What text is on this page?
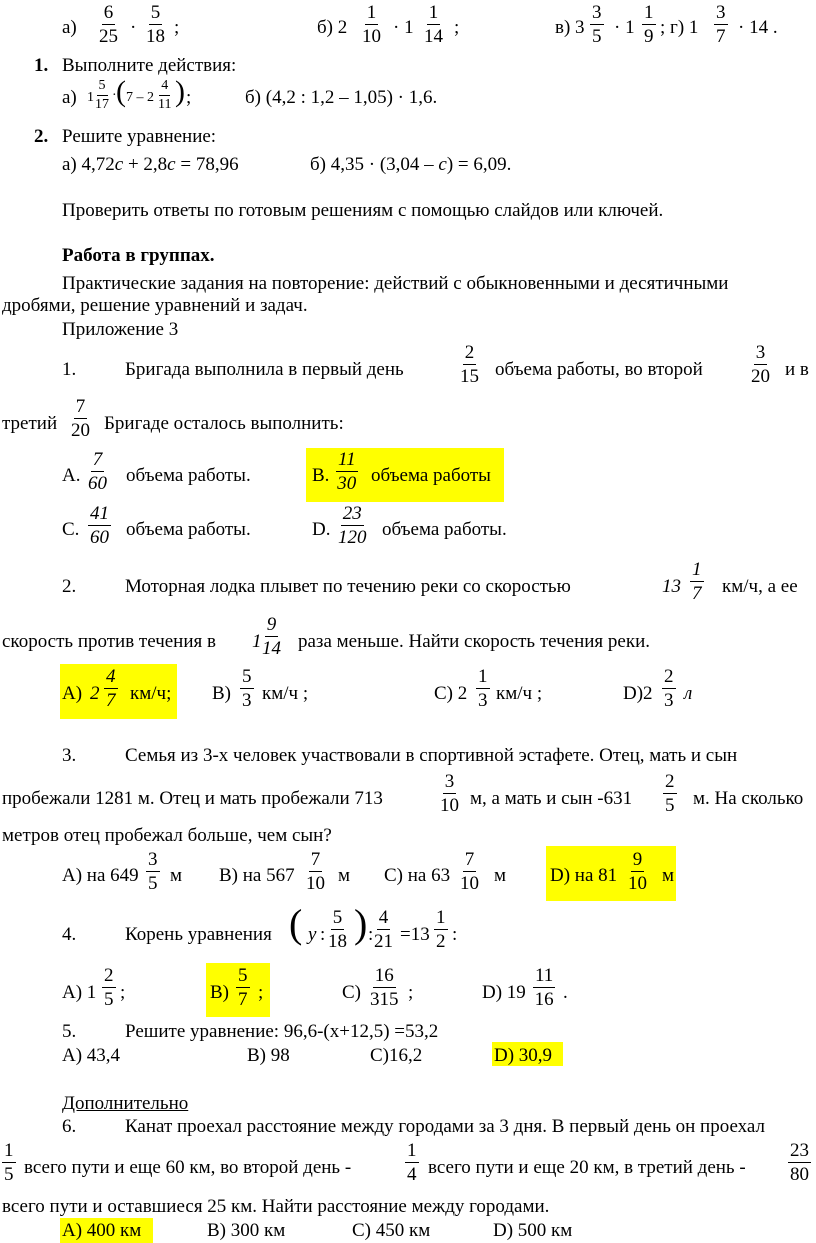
а)
6
25 ·
5
18 ;	б) 2
1
10 · 1
1
14 ;	в) 3
3
5 · 1
1
9 ; г) 1
3
7 · 14 .
1. Выполните действия:
а) 1
5
17
· ( 7 – 2
4
11 ) ;	б) (4,2 : 1,2 – 1,05) · 1,6.
2. Решите уравнение:
а) 4,72c + 2,8c = 78,96	б) 4,35 · (3,04 – c) = 6,09.
Проверить ответы по готовым решениям с помощью слайдов или ключей.
Работа в группах.
Практические задания на повторение: действий с обыкновенными и десятичными
дробями, решение уравнений и задач.
Приложение 3
1.	Бригада выполнила в первый день
2
15 объема работы, во второй
3
20 и в
третий
7
20 Бригаде осталось выполнить:
A.
7
60 объема работы.	B.
11
30 объема работы
C.
41
60 объема работы.	D.
23
120 объема работы.
2.	Моторная лодка плывет по течению реки со скоростью	13
1
7 км/ч, а ее
скорость против течения в 1
9
14 раза меньше. Найти скорость течения реки.
A) 2
4
7 км/ч; B)
5
3 км/ч ;	C) 2
1
3 км/ч ;	D)2
2
3 л
3.	Семья из 3-х человек участвовали в спортивной эстафете. Отец, мать и сын
пробежали 1281 м. Отец и мать пробежали 713
3
10 м, а мать и сын -631
2
5 м. На сколько
метров отец пробежал больше, чем сын?
A) на 649
3
5 м B) на 567
7
10 м C) на 63
7
10 м D) на 81
9
10 м
4.	Корень уравнения ( y :
5
18 ) :
4
21 =13
1
2 :
A) 1
2
5 ;	B)
5
7 ;	C)
16
315 ;	D) 19
11
16 .
5.	Решите уравнение: 96,6-(х+12,5) =53,2
A) 43,4	B) 98	C)16,2	D) 30,9
Дополнительно
6.	Канат проехал расстояние между городами за 3 дня. В первый день он проехал
1
5 всего пути и еще 60 км, во второй день -
1
4 всего пути и еще 20 км, в третий день -
23
80
всего пути и оставшиеся 25 км. Найти расстояние между городами.
A) 400 км	B) 300 км	C) 450 км	D) 500 км
